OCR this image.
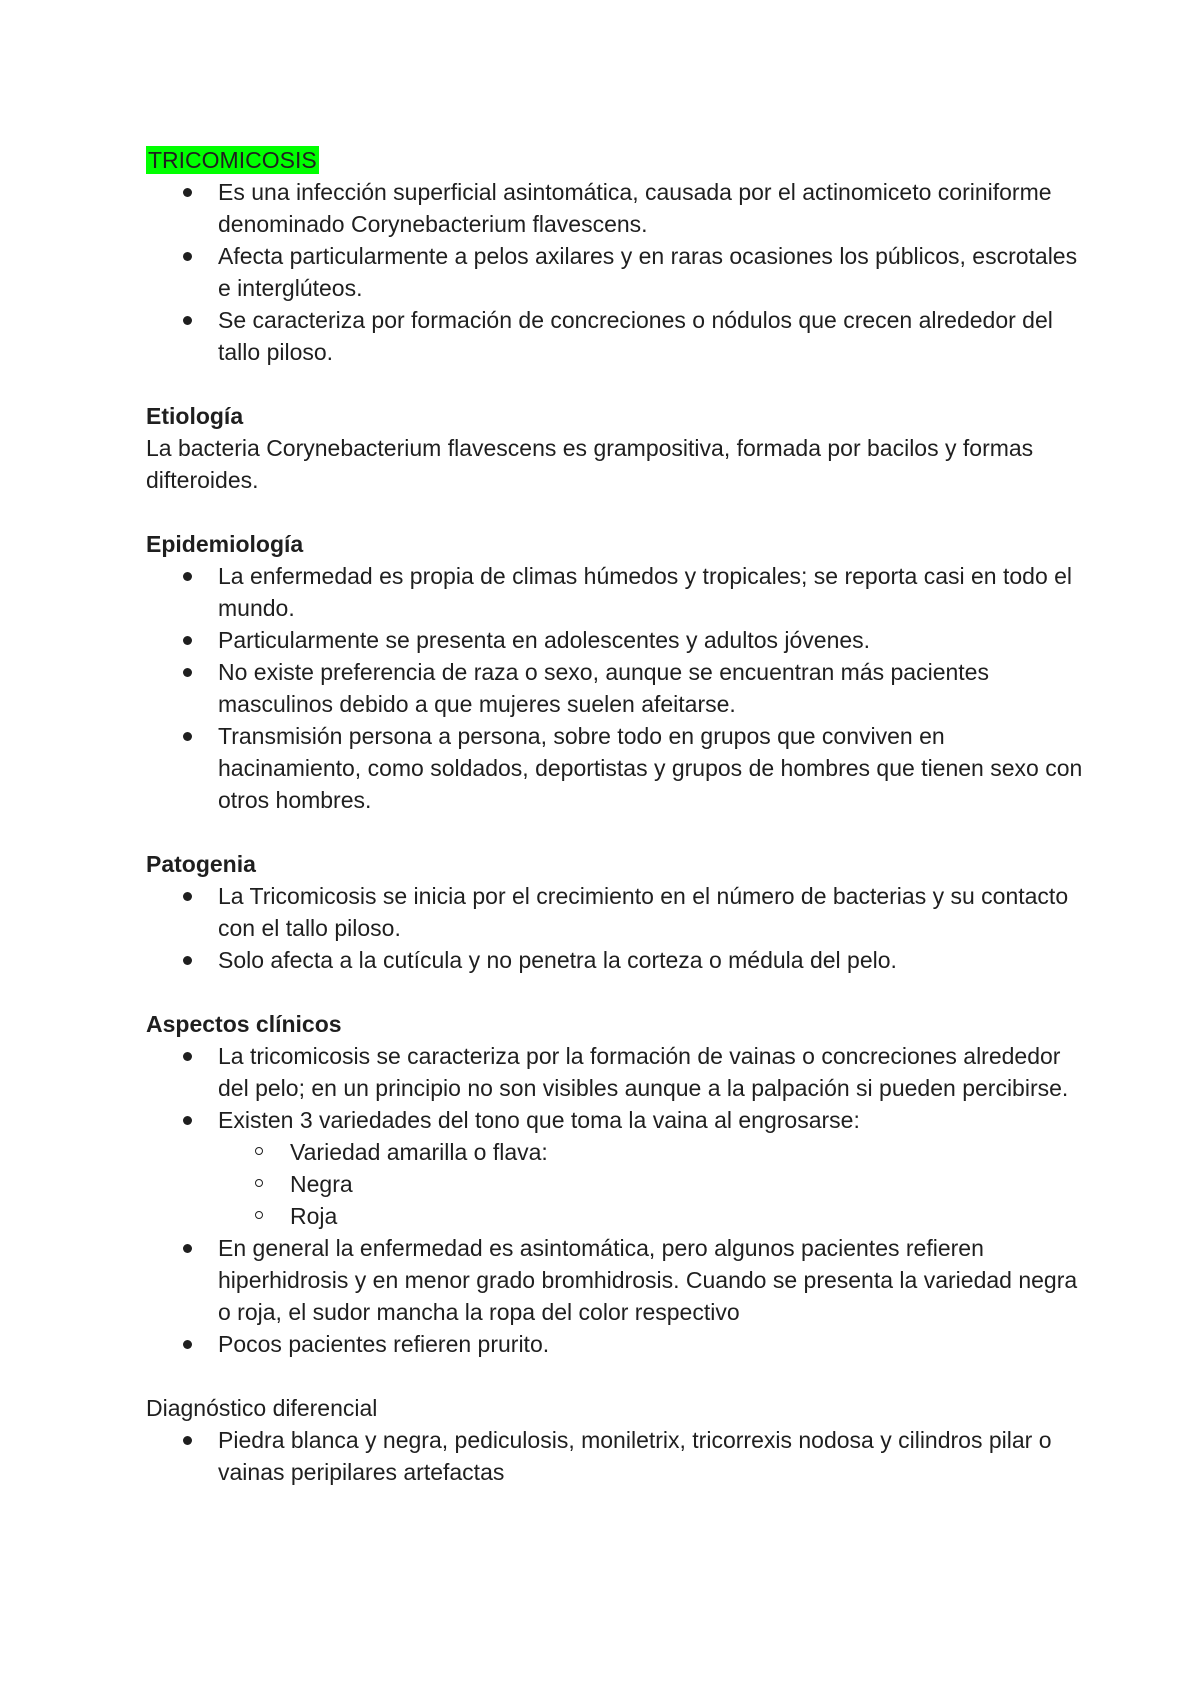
TRICOMICOSIS
Es una infección superficial asintomática, causada por el actinomiceto coriniforme denominado Corynebacterium flavescens.
Afecta particularmente a pelos axilares y en raras ocasiones los públicos, escrotales e interglúteos.
Se caracteriza por formación de concreciones o nódulos que crecen alrededor del tallo piloso.

Etiología

La bacteria Corynebacterium flavescens es grampositiva, formada por bacilos y formas difteroides.

Epidemiología

La enfermedad es propia de climas húmedos y tropicales; se reporta casi en todo el mundo.
Particularmente se presenta en adolescentes y adultos jóvenes.
No existe preferencia de raza o sexo, aunque se encuentran más pacientes masculinos debido a que mujeres suelen afeitarse.
Transmisión persona a persona, sobre todo en grupos que conviven en hacinamiento, como soldados, deportistas y grupos de hombres que tienen sexo con otros hombres.

Patogenia

La Tricomicosis se inicia por el crecimiento en el número de bacterias y su contacto con el tallo piloso.
Solo afecta a la cutícula y no penetra la corteza o médula del pelo.

Aspectos clínicos

La tricomicosis se caracteriza por la formación de vainas o concreciones alrededor del pelo; en un principio no son visibles aunque a la palpación si pueden percibirse.
Existen 3 variedades del tono que toma la vaina al engrosarse:
Variedad amarilla o flava:
Negra
Roja
En general la enfermedad es asintomática, pero algunos pacientes refieren hiperhidrosis y en menor grado bromhidrosis. Cuando se presenta la variedad negra o roja, el sudor mancha la ropa del color respectivo
Pocos pacientes refieren prurito.

Diagnóstico diferencial

Piedra blanca y negra, pediculosis, moniletrix, tricorrexis nodosa y cilindros pilar o vainas peripilares artefactas
